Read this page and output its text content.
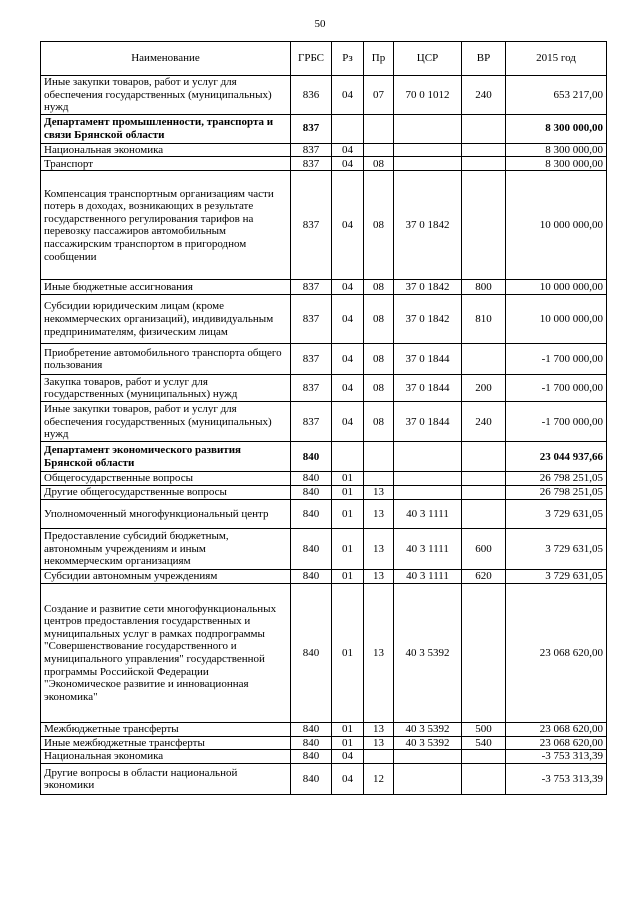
50
Наименование	ГРБС	Рз	Пр	ЦСР	ВР	2015 год
Иные закупки товаров, работ и услуг для обеспечения государственных (муниципальных) нужд	836	04	07	70 0 1012	240	653 217,00
Департамент промышленности, транспорта и связи Брянской области	837					8 300 000,00
Национальная экономика	837	04				8 300 000,00
Транспорт	837	04	08			8 300 000,00
Компенсация транспортным организациям части потерь в доходах, возникающих в результате государственного регулирования тарифов на перевозку пассажиров автомобильным пассажирским транспортом в пригородном сообщении	837	04	08	37 0 1842		10 000 000,00
Иные бюджетные ассигнования	837	04	08	37 0 1842	800	10 000 000,00
Субсидии юридическим лицам (кроме некоммерческих организаций), индивидуальным предпринимателям, физическим лицам	837	04	08	37 0 1842	810	10 000 000,00
Приобретение автомобильного транспорта общего пользования	837	04	08	37 0 1844		-1 700 000,00
Закупка товаров, работ и услуг для государственных (муниципальных) нужд	837	04	08	37 0 1844	200	-1 700 000,00
Иные закупки товаров, работ и услуг для обеспечения государственных (муниципальных) нужд	837	04	08	37 0 1844	240	-1 700 000,00
Департамент экономического развития Брянской области	840					23 044 937,66
Общегосударственные вопросы	840	01				26 798 251,05
Другие общегосударственные вопросы	840	01	13			26 798 251,05
Уполномоченный многофункциональный центр	840	01	13	40 3 1111		3 729 631,05
Предоставление субсидий бюджетным, автономным учреждениям и иным некоммерческим организациям	840	01	13	40 3 1111	600	3 729 631,05
Субсидии автономным учреждениям	840	01	13	40 3 1111	620	3 729 631,05
Создание и развитие сети многофункциональных центров предоставления государственных и муниципальных услуг в рамках подпрограммы "Совершенствование государственного и муниципального управления" государственной программы Российской Федерации "Экономическое развитие и инновационная экономика"	840	01	13	40 3 5392		23 068 620,00
Межбюджетные трансферты	840	01	13	40 3 5392	500	23 068 620,00
Иные межбюджетные трансферты	840	01	13	40 3 5392	540	23 068 620,00
Национальная экономика	840	04				-3 753 313,39
Другие вопросы в области национальной экономики	840	04	12			-3 753 313,39
